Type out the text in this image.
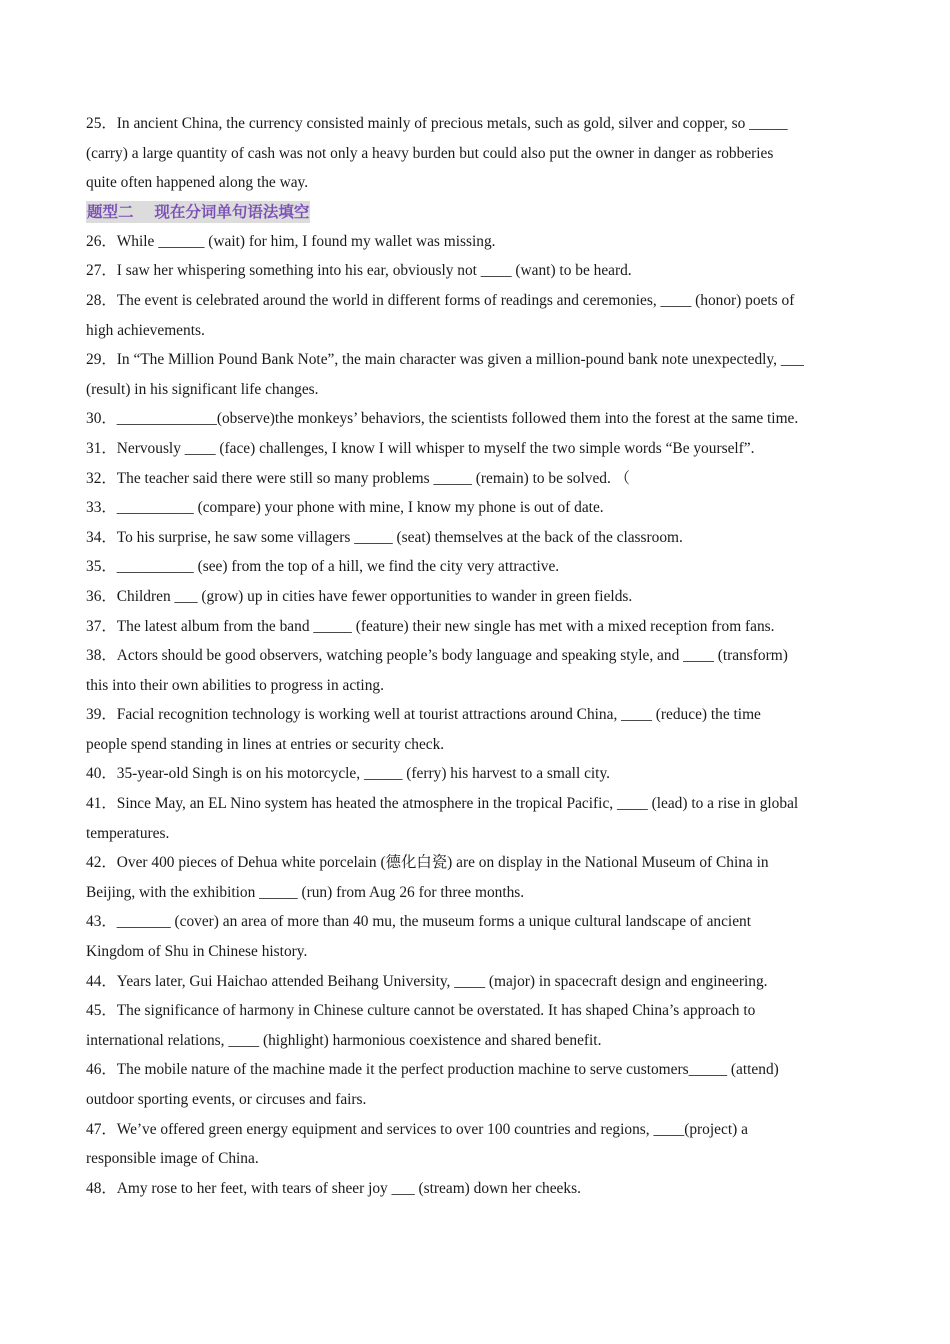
25．In ancient China, the currency consisted mainly of precious metals, such as gold, silver and copper, so _____

(carry) a large quantity of cash was not only a heavy burden but could also put the owner in danger as robberies

quite often happened along the way.

题型二　 现在分词单句语法填空

26．While ______ (wait) for him, I found my wallet was missing.

27．I saw her whispering something into his ear, obviously not ____ (want) to be heard.

28．The event is celebrated around the world in different forms of readings and ceremonies, ____ (honor) poets of

high achievements.

29．In “The Million Pound Bank Note”, the main character was given a million-pound bank note unexpectedly, ___

(result) in his significant life changes.

30．_____________(observe)the monkeys’ behaviors, the scientists followed them into the forest at the same time.

31．Nervously ____ (face) challenges, I know I will whisper to myself the two simple words “Be yourself”.

32．The teacher said there were still so many problems _____ (remain) to be solved. （

33．__________ (compare) your phone with mine, I know my phone is out of date.

34．To his surprise, he saw some villagers _____ (seat) themselves at the back of the classroom.

35．__________ (see) from the top of a hill, we find the city very attractive.

36．Children ___ (grow) up in cities have fewer opportunities to wander in green fields.

37．The latest album from the band _____ (feature) their new single has met with a mixed reception from fans.

38．Actors should be good observers, watching people’s body language and speaking style, and ____ (transform)

this into their own abilities to progress in acting.

39．Facial recognition technology is working well at tourist attractions around China, ____ (reduce) the time

people spend standing in lines at entries or security check.

40．35-year-old Singh is on his motorcycle, _____ (ferry) his harvest to a small city.

41．Since May, an EL Nino system has heated the atmosphere in the tropical Pacific, ____ (lead) to a rise in global

temperatures.

42．Over 400 pieces of Dehua white porcelain (德化白瓷) are on display in the National Museum of China in

Beijing, with the exhibition _____ (run) from Aug 26 for three months.

43．_______ (cover) an area of more than 40 mu, the museum forms a unique cultural landscape of ancient

Kingdom of Shu in Chinese history.

44．Years later, Gui Haichao attended Beihang University, ____ (major) in spacecraft design and engineering.

45．The significance of harmony in Chinese culture cannot be overstated. It has shaped China’s approach to

international relations, ____ (highlight) harmonious coexistence and shared benefit.

46．The mobile nature of the machine made it the perfect production machine to serve customers_____ (attend)

outdoor sporting events, or circuses and fairs.

47．We’ve offered green energy equipment and services to over 100 countries and regions, ____(project) a

responsible image of China.

48．Amy rose to her feet, with tears of sheer joy ___ (stream) down her cheeks.
